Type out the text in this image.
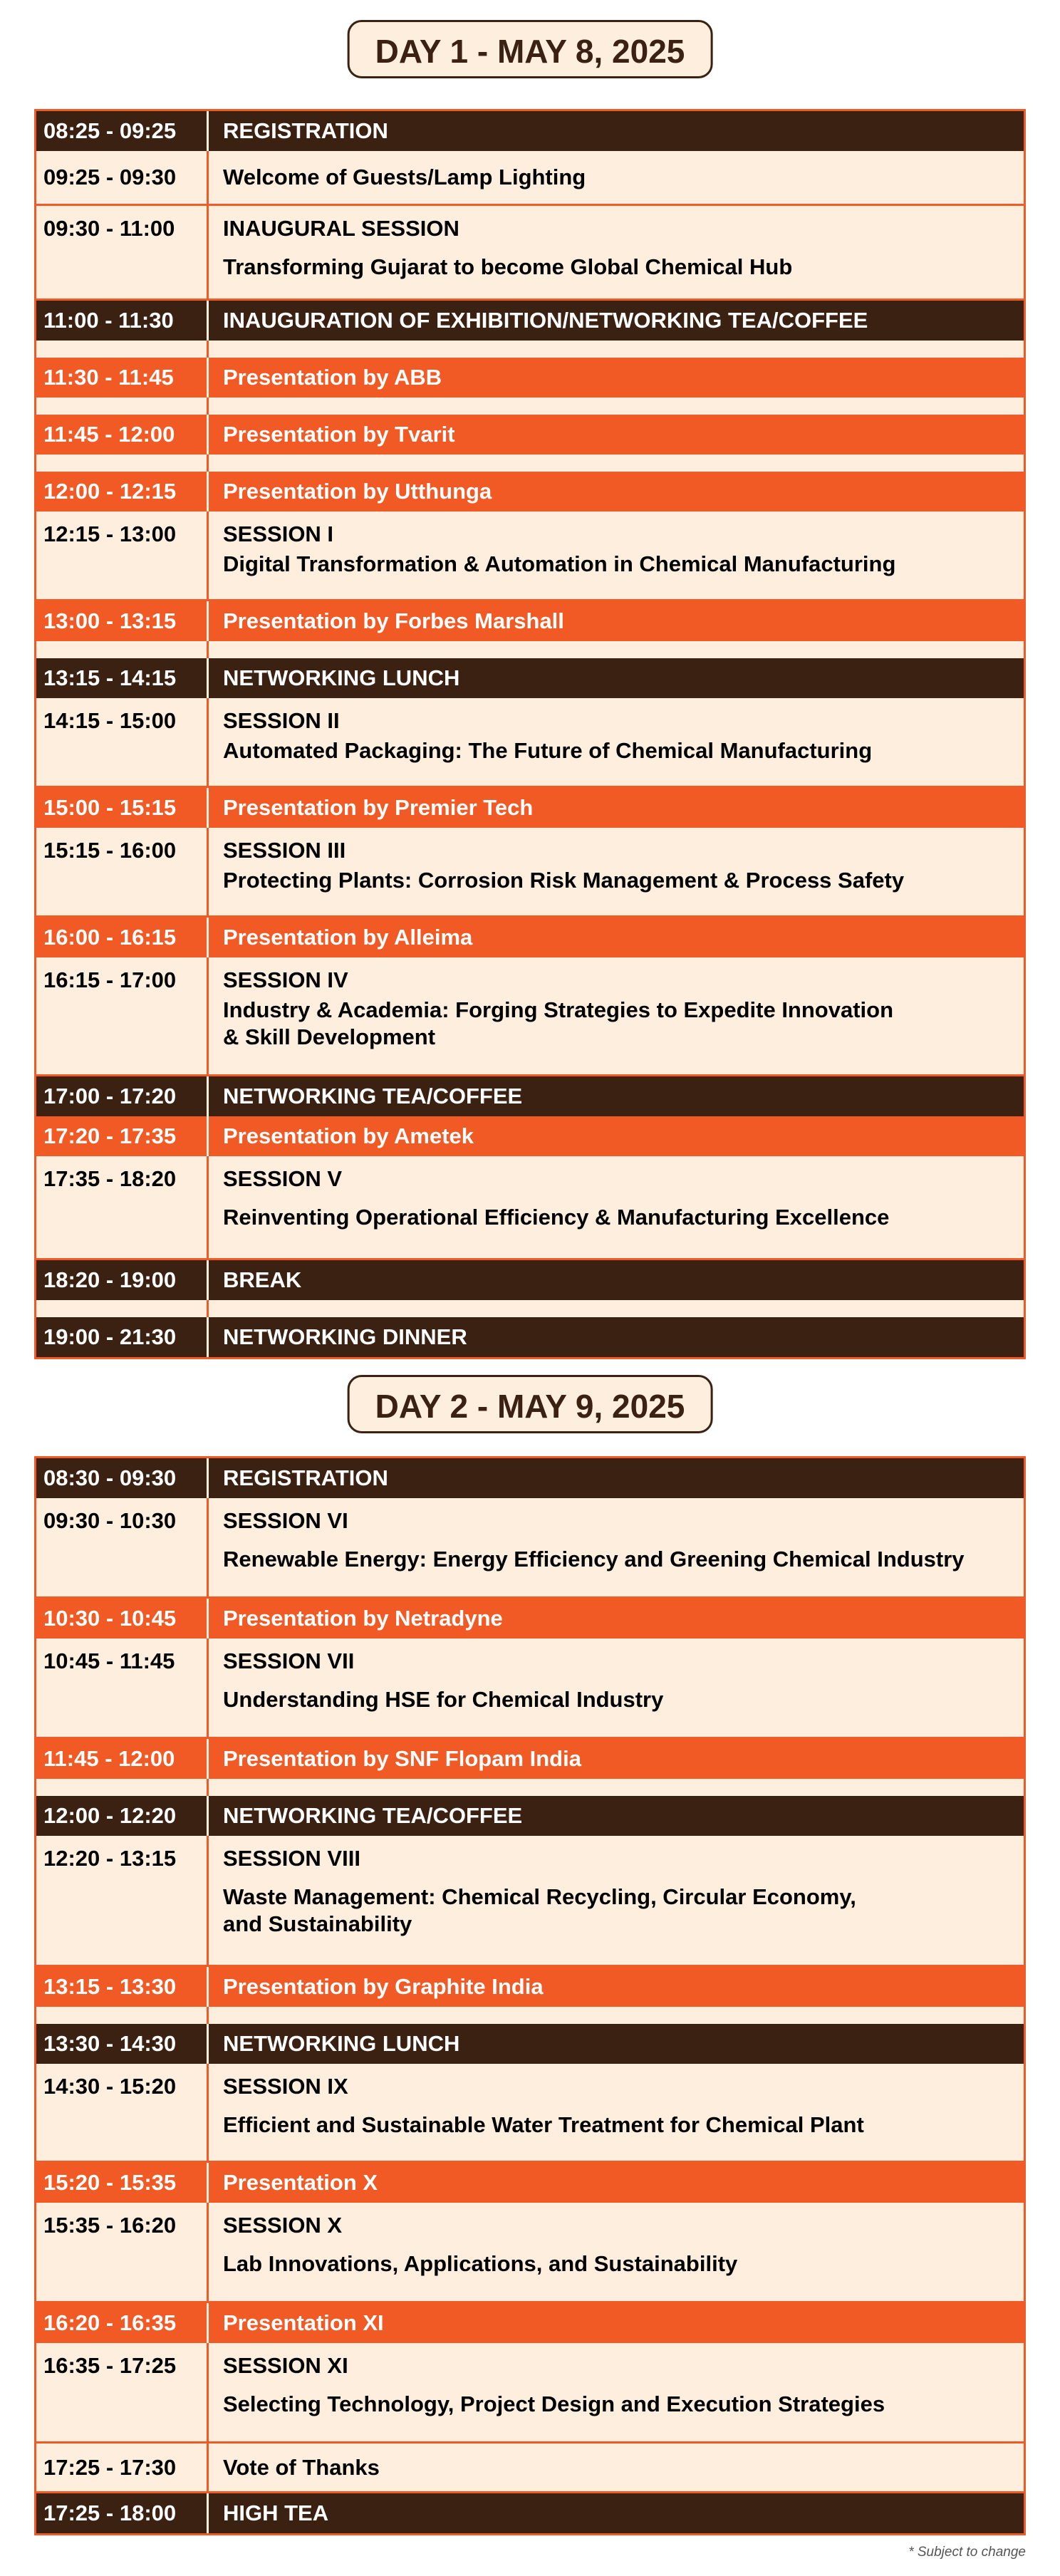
DAY 1 - MAY 8, 2025
08:25 - 09:25	REGISTRATION
09:25 - 09:30	Welcome of Guests/Lamp Lighting
09:30 - 11:00	INAUGURAL SESSION
Transforming Gujarat to become Global Chemical Hub
11:00 - 11:30	INAUGURATION OF EXHIBITION/NETWORKING TEA/COFFEE
11:30 - 11:45	Presentation by ABB
11:45 - 12:00	Presentation by Tvarit
12:00 - 12:15	Presentation by Utthunga
12:15 - 13:00	SESSION I
Digital Transformation & Automation in Chemical Manufacturing
13:00 - 13:15	Presentation by Forbes Marshall
13:15 - 14:15	NETWORKING LUNCH
14:15 - 15:00	SESSION II
Automated Packaging: The Future of Chemical Manufacturing
15:00 - 15:15	Presentation by Premier Tech
15:15 - 16:00	SESSION III
Protecting Plants: Corrosion Risk Management & Process Safety
16:00 - 16:15	Presentation by Alleima
16:15 - 17:00	SESSION IV
Industry & Academia: Forging Strategies to Expedite Innovation
& Skill Development
17:00 - 17:20	NETWORKING TEA/COFFEE
17:20 - 17:35	Presentation by Ametek
17:35 - 18:20	SESSION V
Reinventing Operational Efficiency & Manufacturing Excellence
18:20 - 19:00	BREAK
19:00 - 21:30	NETWORKING DINNER
DAY 2 - MAY 9, 2025
08:30 - 09:30	REGISTRATION
09:30 - 10:30	SESSION VI
Renewable Energy: Energy Efficiency and Greening Chemical Industry
10:30 - 10:45	Presentation by Netradyne
10:45 - 11:45	SESSION VII
Understanding HSE for Chemical Industry
11:45 - 12:00	Presentation by SNF Flopam India
12:00 - 12:20	NETWORKING TEA/COFFEE
12:20 - 13:15	SESSION VIII
Waste Management: Chemical Recycling, Circular Economy,
and Sustainability
13:15 - 13:30	Presentation by Graphite India
13:30 - 14:30	NETWORKING LUNCH
14:30 - 15:20	SESSION IX
Efficient and Sustainable Water Treatment for Chemical Plant
15:20 - 15:35	Presentation X
15:35 - 16:20	SESSION X
Lab Innovations, Applications, and Sustainability
16:20 - 16:35	Presentation XI
16:35 - 17:25	SESSION XI
Selecting Technology, Project Design and Execution Strategies
17:25 - 17:30	Vote of Thanks
17:25 - 18:00	HIGH TEA
* Subject to change
